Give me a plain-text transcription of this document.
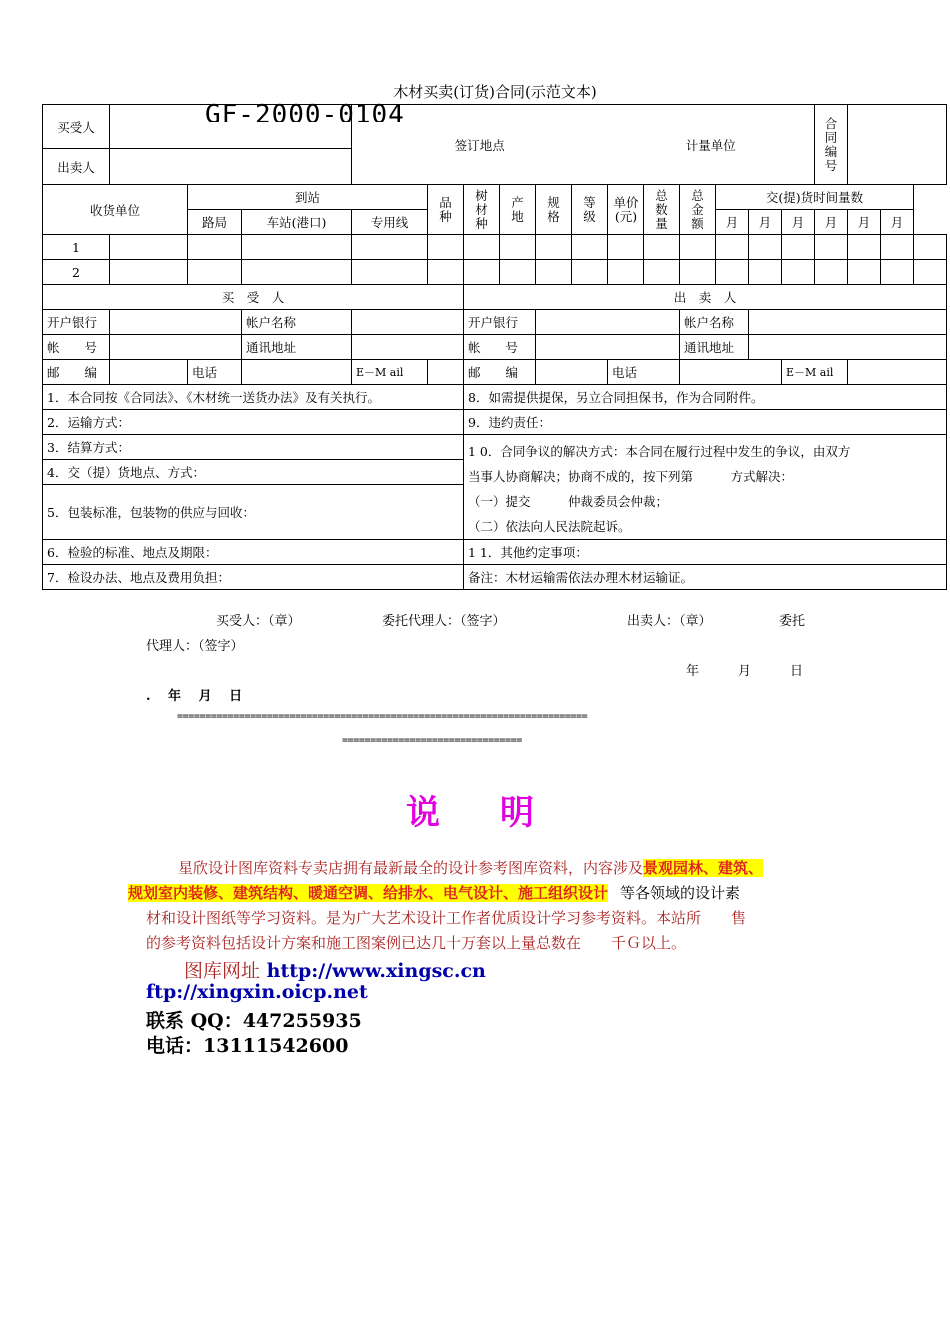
木材买卖(订货)合同(示范文本)
GF-2000-0104
买受人				签订地点						计量单位						合同编号			
出卖人																			
收货单位		到站			品种	树材种	产地	规格	等级	单价(元)	总数量	总金额	交(提)货时间量数						
		路局	车站(港口)	专用线									月	月	月	月	月	月	
1																			
2																			
买　受　人						出　卖　人													
开户银行			帐户名称			开户银行						帐户名称							
帐　　号			通讯地址			帐　　号						通讯地址							
邮　　编		电话		E－M ail		邮　　编				电话					E－M ail				
1．本合同按《合同法》、《木材统一送货办法》及有关执行。						8．如需提供提保，另立合同担保书，作为合同附件。													
2．运输方式：						9．违约责任：													
3．结算方式：						1 0．合同争议的解决方式：本合同在履行过程中发生的争议，由双方
当事人协商解决；协商不成的，按下列第　　　方式解决：
（一）提交　　　仲裁委员会仲裁；
（二）依法向人民法院起诉。													

4．交（提）货地点、方式：																			
5．包装标准，包装物的供应与回收：																			

6．检验的标准、地点及期限：						1 1．其他约定事项：													
7．检设办法、地点及费用负担：						备注：木材运输需依法办理木材运输证。													
买受人：（章）	委托代理人：（签字）	出卖人：（章）	委托
代理人：（签字）
年　　　月　　　日
.　 年　 月　 日
=========================================================================
================================
说明
星欣设计图库资料专卖店拥有最新最全的设计参考图库资料，内容涉及景观园林、建筑、
规划室内装修、建筑结构、暖通空调、给排水、电气设计、施工组织设计 等各领域的设计素
材和设计图纸等学习资料。是为广大艺术设计工作者优质设计学习参考资料。本站所　　售
的参考资料包括设计方案和施工图案例已达几十万套以上量总数在　　千Ｇ以上。
图库网址 http://www.xingsc.cn
ftp://xingxin.oicp.net
联系 QQ：447255935
电话：13111542600
